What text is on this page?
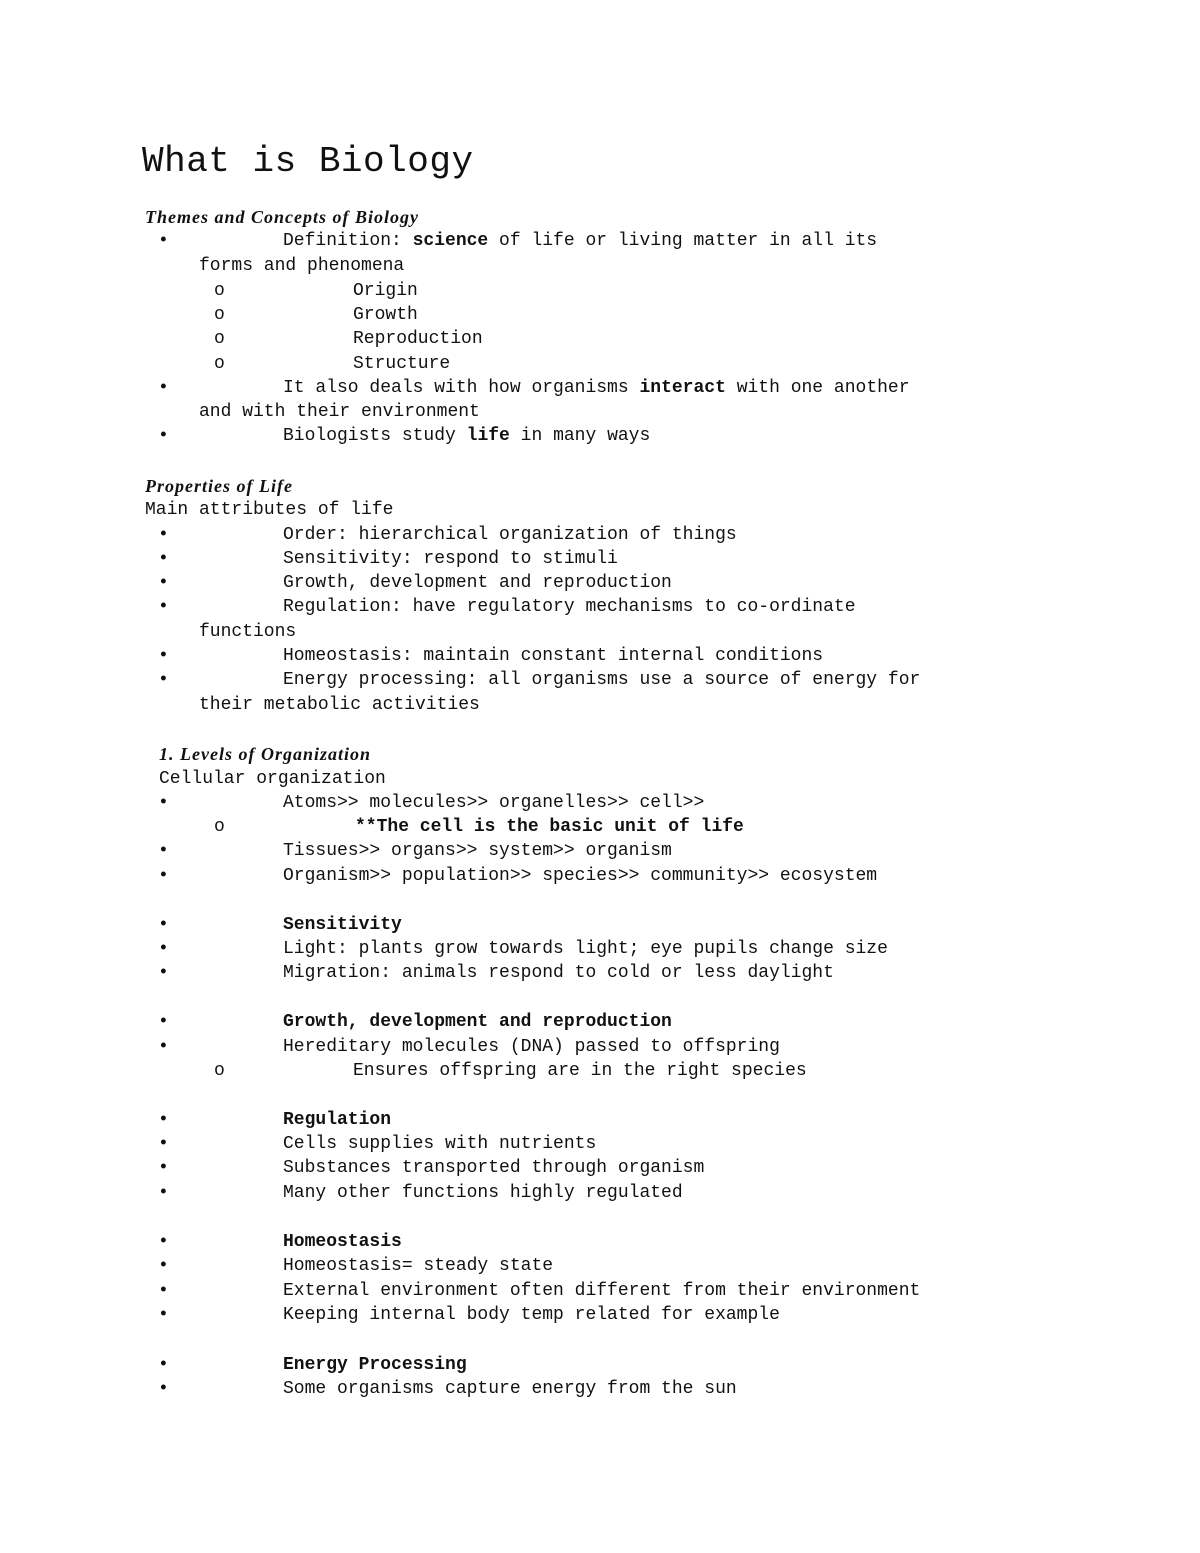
What is Biology
Themes and Concepts of Biology
•	Definition: science of life or living matter in all its
forms and phenomena
o	Origin
o	Growth
o	Reproduction
o	Structure
•	It also deals with how organisms interact with one another
and with their environment
•	Biologists study life in many ways
Properties of Life
Main attributes of life
•	Order: hierarchical organization of things
•	Sensitivity: respond to stimuli
•	Growth, development and reproduction
•	Regulation: have regulatory mechanisms to co-ordinate
functions
•	Homeostasis: maintain constant internal conditions
•	Energy processing: all organisms use a source of energy for
their metabolic activities
1. Levels of Organization
Cellular organization
•	Atoms>> molecules>> organelles>> cell>>
o	**The cell is the basic unit of life
•	Tissues>> organs>> system>> organism
•	Organism>> population>> species>> community>> ecosystem
•	Sensitivity
•	Light: plants grow towards light; eye pupils change size
•	Migration: animals respond to cold or less daylight
•	Growth, development and reproduction
•	Hereditary molecules (DNA) passed to offspring
o	Ensures offspring are in the right species
•	Regulation
•	Cells supplies with nutrients
•	Substances transported through organism
•	Many other functions highly regulated
•	Homeostasis
•	Homeostasis= steady state
•	External environment often different from their environment
•	Keeping internal body temp related for example
•	Energy Processing
•	Some organisms capture energy from the sun
